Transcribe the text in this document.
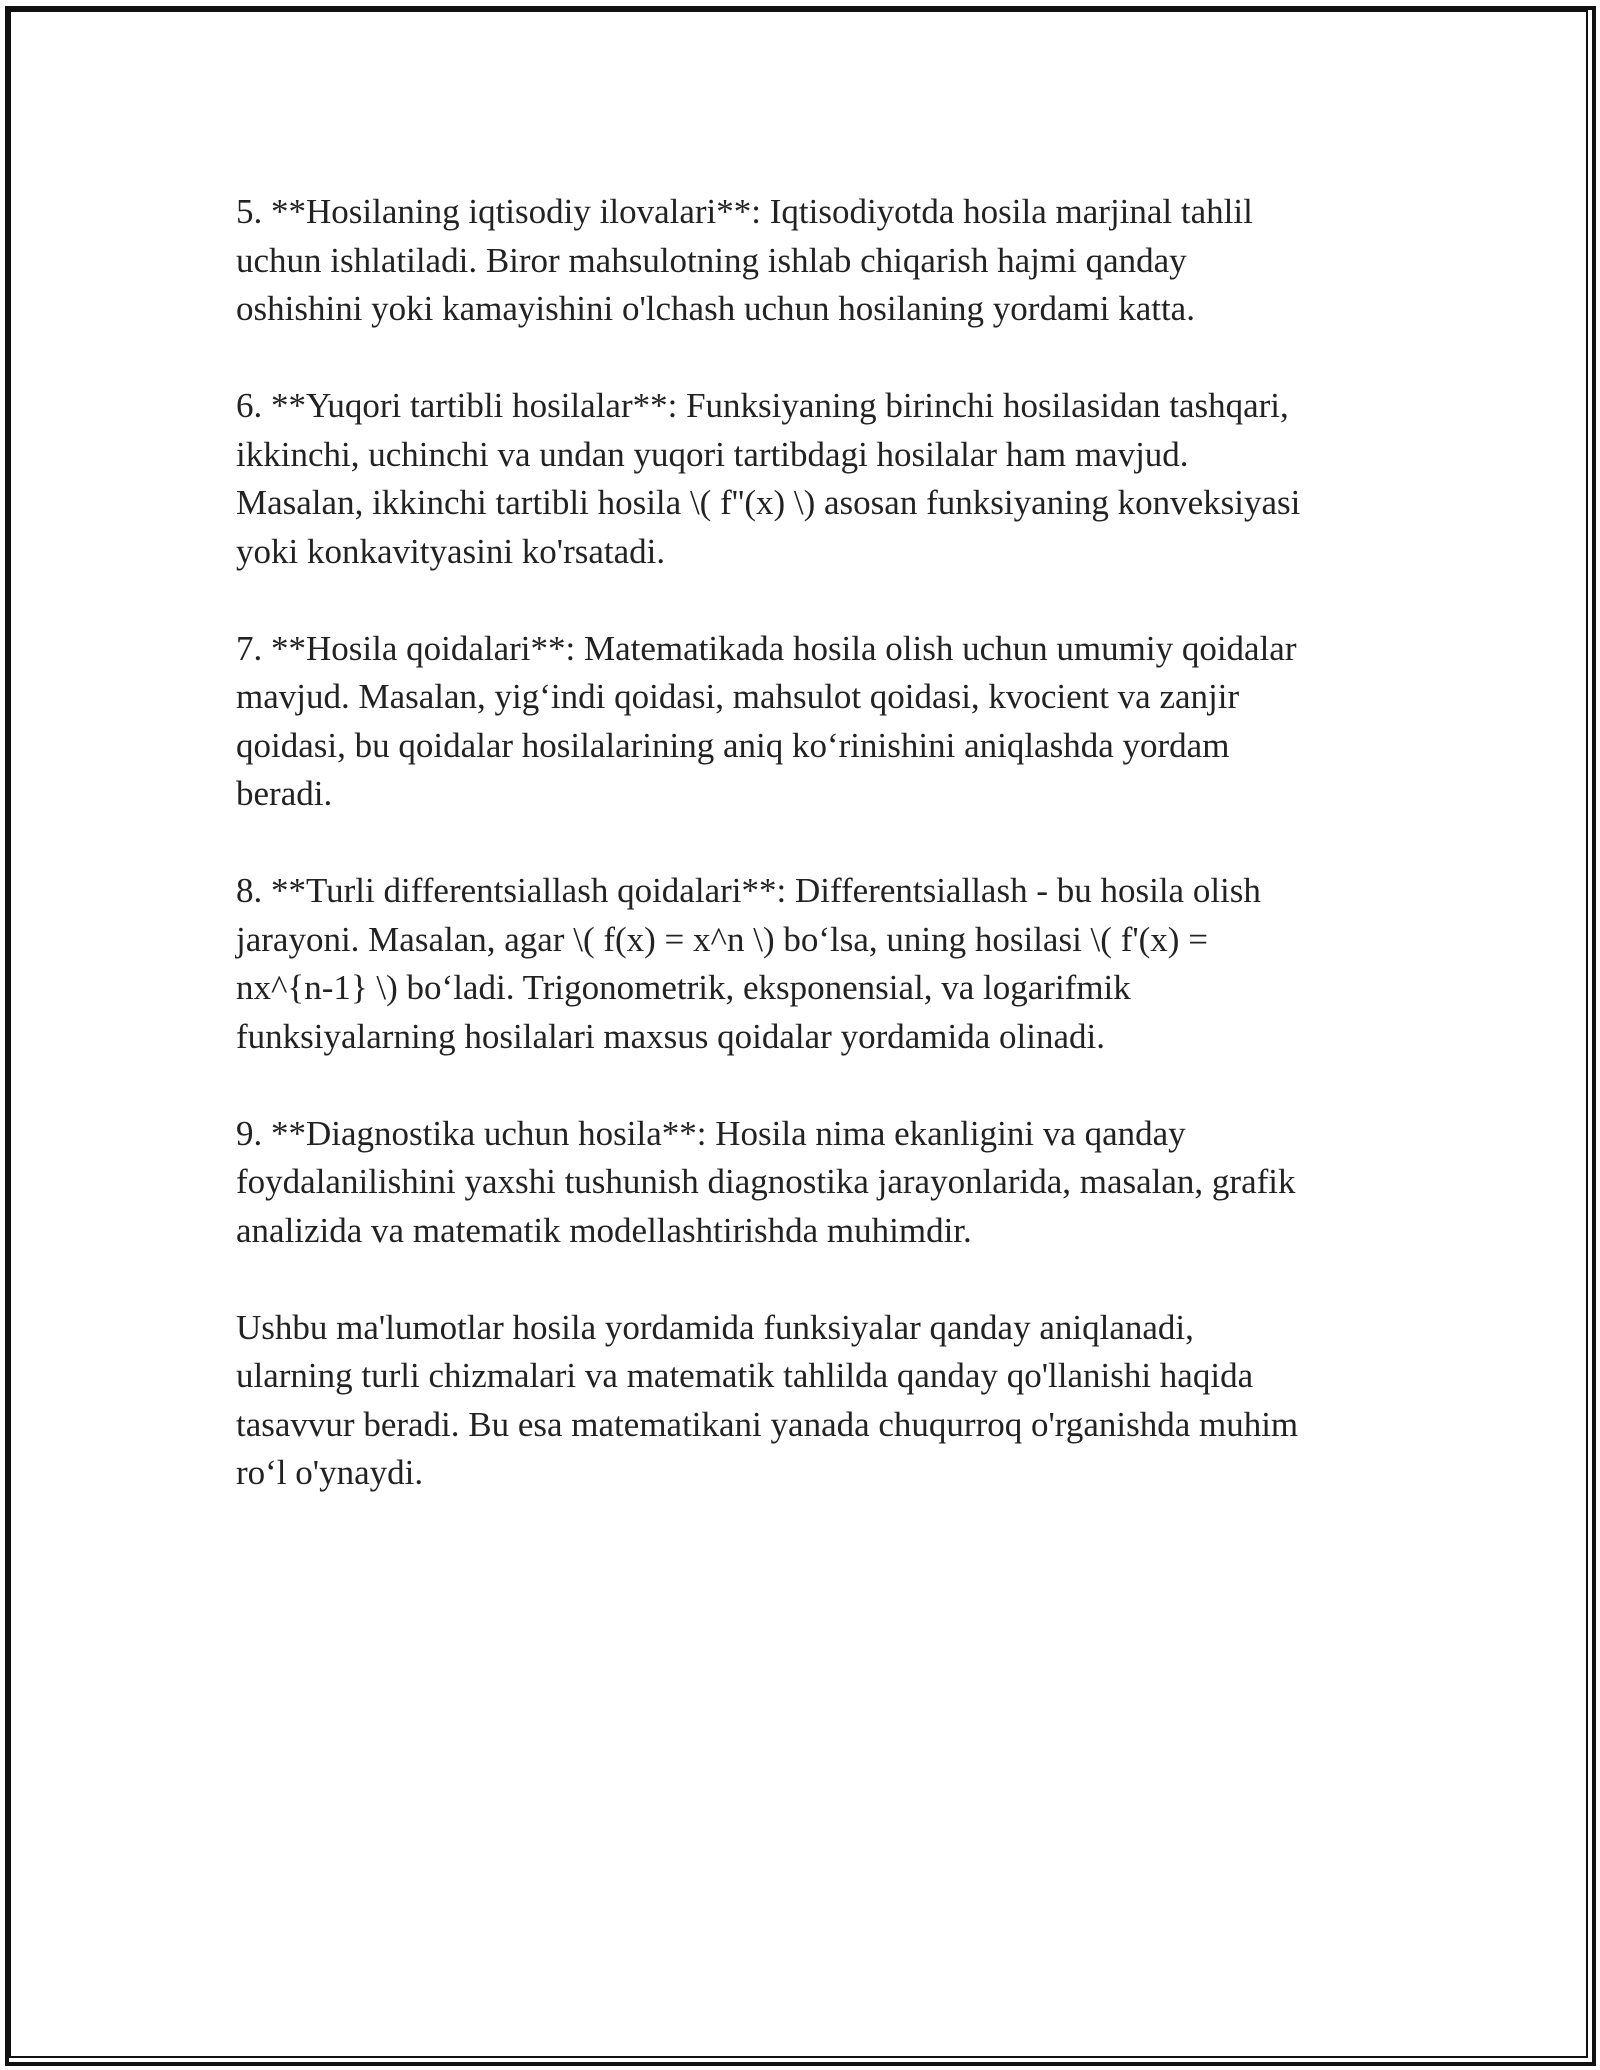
5. **Hosilaning iqtisodiy ilovalari**: Iqtisodiyotda hosila marjinal tahlil
uchun ishlatiladi. Biror mahsulotning ishlab chiqarish hajmi qanday
oshishini yoki kamayishini o'lchash uchun hosilaning yordami katta.

6. **Yuqori tartibli hosilalar**: Funksiyaning birinchi hosilasidan tashqari,
ikkinchi, uchinchi va undan yuqori tartibdagi hosilalar ham mavjud.
Masalan, ikkinchi tartibli hosila \( f''(x) \) asosan funksiyaning konveksiyasi
yoki konkavityasini ko'rsatadi.

7. **Hosila qoidalari**: Matematikada hosila olish uchun umumiy qoidalar
mavjud. Masalan, yig‘indi qoidasi, mahsulot qoidasi, kvocient va zanjir
qoidasi, bu qoidalar hosilalarining aniq ko‘rinishini aniqlashda yordam
beradi.

8. **Turli differentsiallash qoidalari**: Differentsiallash - bu hosila olish
jarayoni. Masalan, agar \( f(x) = x^n \) bo‘lsa, uning hosilasi \( f'(x) =
nx^{n-1} \) bo‘ladi. Trigonometrik, eksponensial, va logarifmik
funksiyalarning hosilalari maxsus qoidalar yordamida olinadi.

9. **Diagnostika uchun hosila**: Hosila nima ekanligini va qanday
foydalanilishini yaxshi tushunish diagnostika jarayonlarida, masalan, grafik
analizida va matematik modellashtirishda muhimdir.

Ushbu ma'lumotlar hosila yordamida funksiyalar qanday aniqlanadi,
ularning turli chizmalari va matematik tahlilda qanday qo'llanishi haqida
tasavvur beradi. Bu esa matematikani yanada chuqurroq o'rganishda muhim
ro‘l o'ynaydi.
